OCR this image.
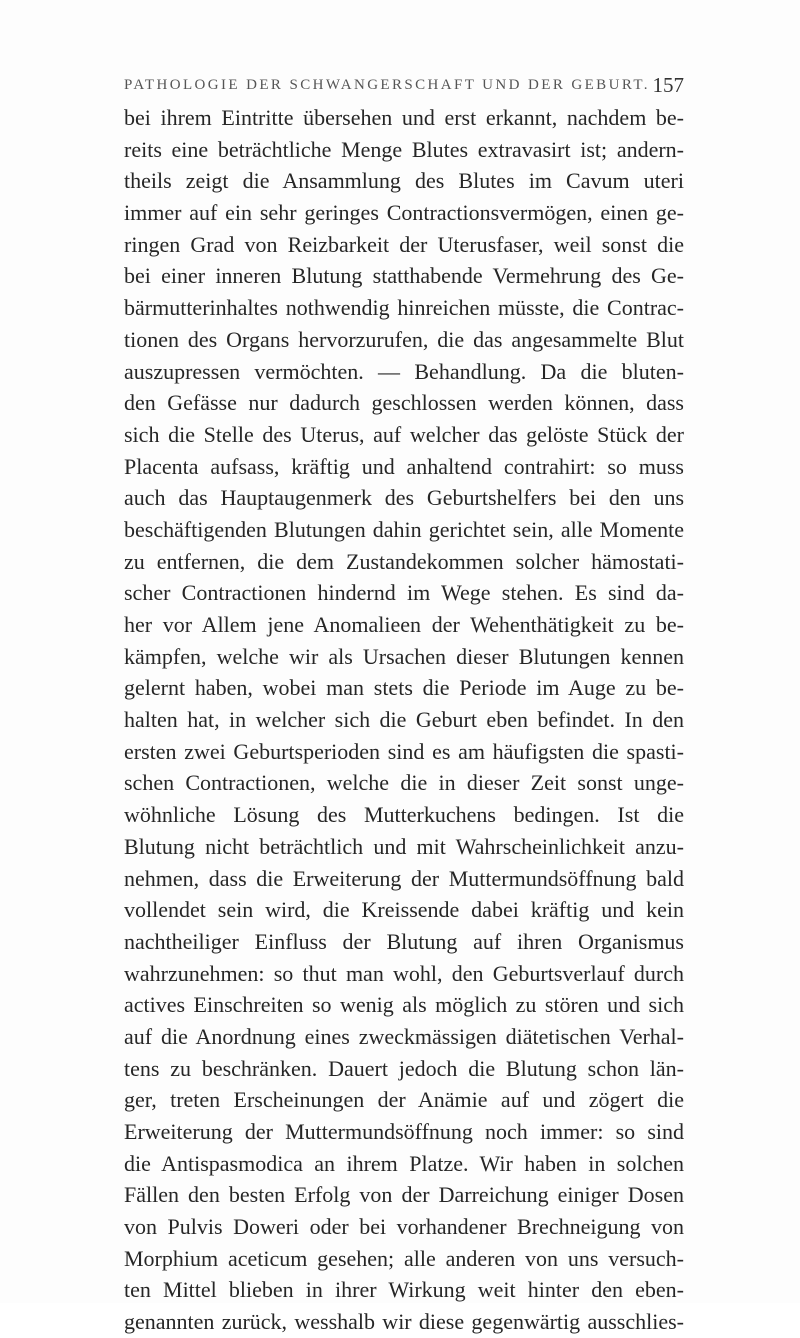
PATHOLOGIE DER SCHWANGERSCHAFT UND DER GEBURT. 157
bei ihrem Eintritte übersehen und erst erkannt, nachdem be-
reits eine beträchtliche Menge Blutes extravasirt ist; andern-
theils zeigt die Ansammlung des Blutes im Cavum uteri
immer auf ein sehr geringes Contractionsvermögen, einen ge-
ringen Grad von Reizbarkeit der Uterusfaser, weil sonst die
bei einer inneren Blutung statthabende Vermehrung des Ge-
bärmutterinhaltes nothwendig hinreichen müsste, die Contrac-
tionen des Organs hervorzurufen, die das angesammelte Blut
auszupressen vermöchten. — Behandlung. Da die bluten-
den Gefässe nur dadurch geschlossen werden können, dass
sich die Stelle des Uterus, auf welcher das gelöste Stück der
Placenta aufsass, kräftig und anhaltend contrahirt: so muss
auch das Hauptaugenmerk des Geburtshelfers bei den uns
beschäftigenden Blutungen dahin gerichtet sein, alle Momente
zu entfernen, die dem Zustandekommen solcher hämostati-
scher Contractionen hindernd im Wege stehen. Es sind da-
her vor Allem jene Anomalieen der Wehenthätigkeit zu be-
kämpfen, welche wir als Ursachen dieser Blutungen kennen
gelernt haben, wobei man stets die Periode im Auge zu be-
halten hat, in welcher sich die Geburt eben befindet. In den
ersten zwei Geburtsperioden sind es am häufigsten die spasti-
schen Contractionen, welche die in dieser Zeit sonst unge-
wöhnliche Lösung des Mutterkuchens bedingen. Ist die
Blutung nicht beträchtlich und mit Wahrscheinlichkeit anzu-
nehmen, dass die Erweiterung der Muttermundsöffnung bald
vollendet sein wird, die Kreissende dabei kräftig und kein
nachtheiliger Einfluss der Blutung auf ihren Organismus
wahrzunehmen: so thut man wohl, den Geburtsverlauf durch
actives Einschreiten so wenig als möglich zu stören und sich
auf die Anordnung eines zweckmässigen diätetischen Verhal-
tens zu beschränken. Dauert jedoch die Blutung schon län-
ger, treten Erscheinungen der Anämie auf und zögert die
Erweiterung der Muttermundsöffnung noch immer: so sind
die Antispasmodica an ihrem Platze. Wir haben in solchen
Fällen den besten Erfolg von der Darreichung einiger Dosen
von Pulvis Doweri oder bei vorhandener Brechneigung von
Morphium aceticum gesehen; alle anderen von uns versuch-
ten Mittel blieben in ihrer Wirkung weit hinter den eben-
genannten zurück, wesshalb wir diese gegenwärtig ausschlies-
